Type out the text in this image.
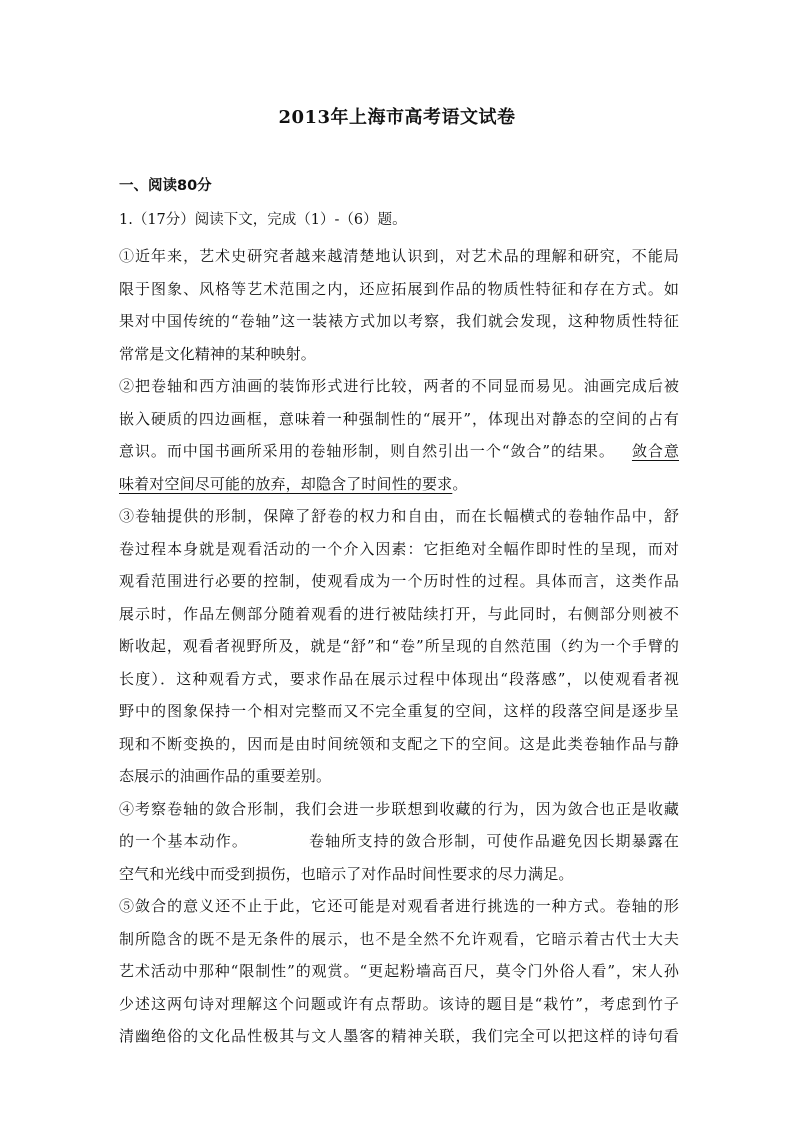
2013年上海市高考语文试卷
一、阅读80分
1.（17分）阅读下文，完成（1）-（6）题。
①近年来，艺术史研究者越来越清楚地认识到，对艺术品的理解和研究，不能局
限于图象、风格等艺术范围之内，还应拓展到作品的物质性特征和存在方式。如
果对中国传统的“卷轴”这一装裱方式加以考察，我们就会发现，这种物质性特征
常常是文化精神的某种映射。
②把卷轴和西方油画的装饰形式进行比较，两者的不同显而易见。油画完成后被
嵌入硬质的四边画框，意味着一种强制性的“展开”，体现出对静态的空间的占有
意识。而中国书画所采用的卷轴形制，则自然引出一个“敛合”的结果。 敛合意
味着对空间尽可能的放弃，却隐含了时间性的要求。
③卷轴提供的形制，保障了舒卷的权力和自由，而在长幅横式的卷轴作品中，舒
卷过程本身就是观看活动的一个介入因素：它拒绝对全幅作即时性的呈现，而对
观看范围进行必要的控制，使观看成为一个历时性的过程。具体而言，这类作品
展示时，作品左侧部分随着观看的进行被陆续打开，与此同时，右侧部分则被不
断收起，观看者视野所及，就是“舒”和“卷”所呈现的自然范围（约为一个手臂的
长度）．这种观看方式，要求作品在展示过程中体现出“段落感”，以使观看者视
野中的图象保持一个相对完整而又不完全重复的空间，这样的段落空间是逐步呈
现和不断变换的，因而是由时间统领和支配之下的空间。这是此类卷轴作品与静
态展示的油画作品的重要差别。
④考察卷轴的敛合形制，我们会进一步联想到收藏的行为，因为敛合也正是收藏
的一个基本动作。	卷轴所支持的敛合形制，可使作品避免因长期暴露在
空气和光线中而受到损伤，也暗示了对作品时间性要求的尽力满足。
⑤敛合的意义还不止于此，它还可能是对观看者进行挑选的一种方式。卷轴的形
制所隐含的既不是无条件的展示，也不是全然不允许观看，它暗示着古代士大夫
艺术活动中那种“限制性”的观赏。“更起粉墙高百尺，莫令门外俗人看”，宋人孙
少述这两句诗对理解这个问题或许有点帮助。该诗的题目是“栽竹”，考虑到竹子
清幽绝俗的文化品性极其与文人墨客的精神关联，我们完全可以把这样的诗句看
